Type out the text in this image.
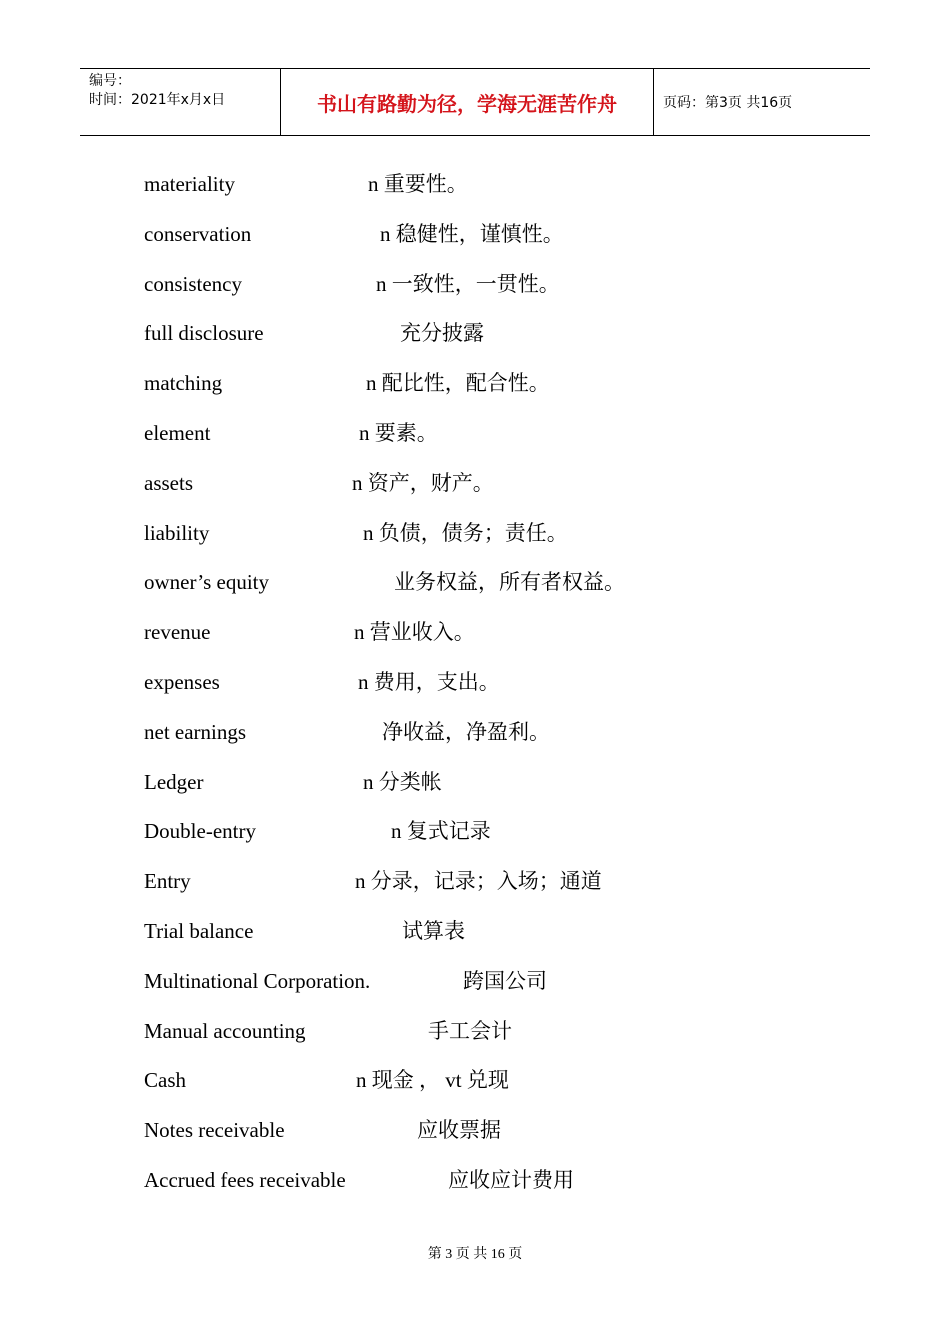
编号：
时间：2021年x月x日	书山有路勤为径，学海无涯苦作舟	页码：第3页 共16页
materiality	n 重要性。
conservation	n 稳健性，谨慎性。
consistency	n 一致性，一贯性。
full disclosure	充分披露
matching	n 配比性，配合性。
element	n 要素。
assets	n 资产，财产。
liability	n 负债，债务；责任。
owner’s equity	业务权益，所有者权益。
revenue	n 营业收入。
expenses	n 费用，支出。
net earnings	净收益，净盈利。
Ledger	n 分类帐
Double-entry	n 复式记录
Entry	n 分录，记录；入场；通道
Trial balance	试算表
Multinational Corporation.	跨国公司
Manual accounting	手工会计
Cash	n 现金 ， vt 兑现
Notes receivable	应收票据
Accrued fees receivable	应收应计费用
第 3 页 共 16 页
